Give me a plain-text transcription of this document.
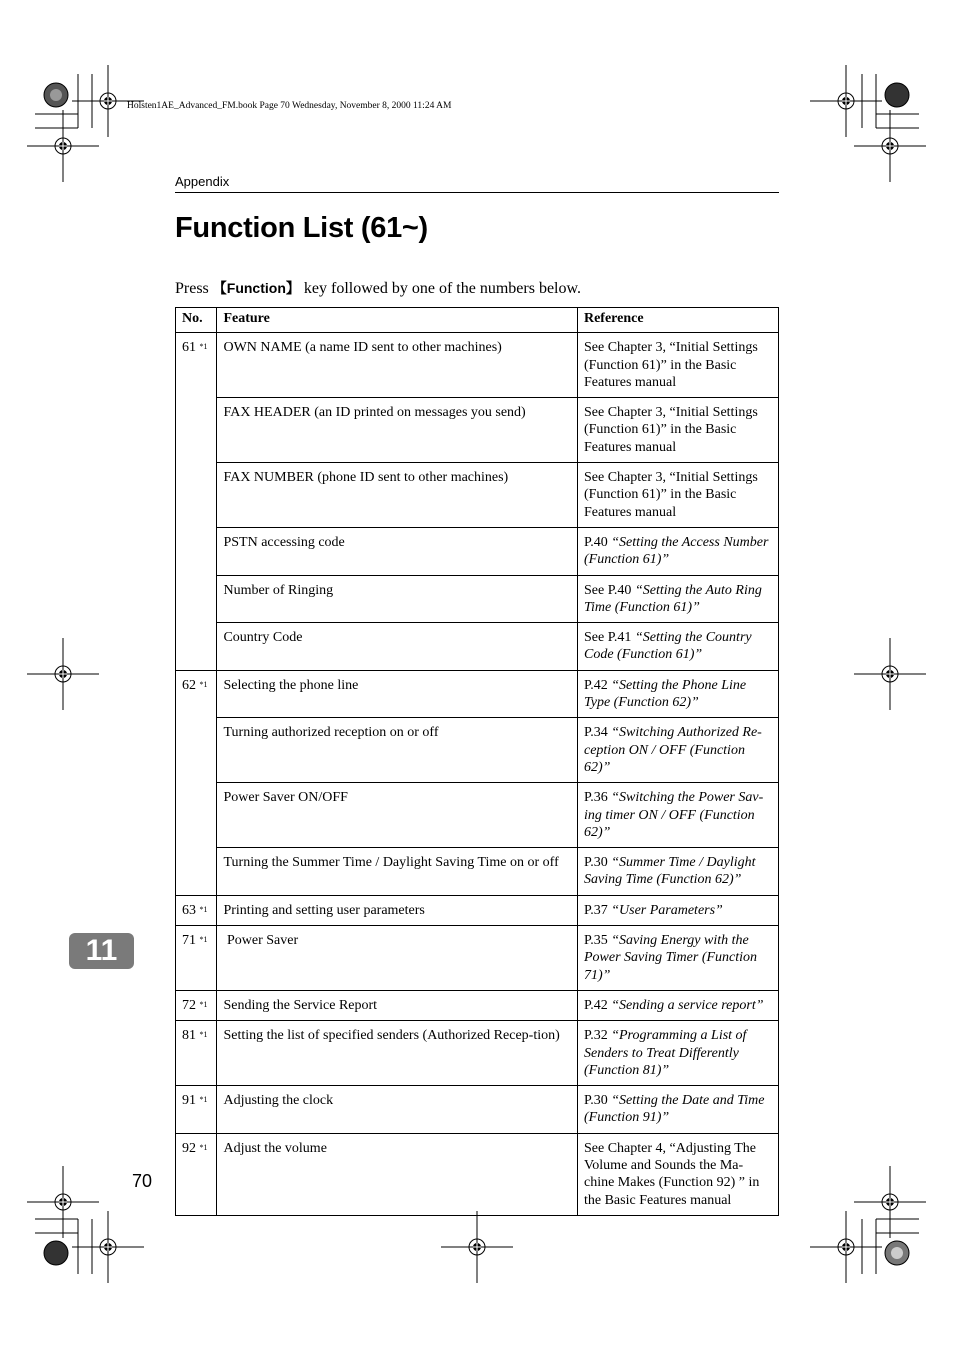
Holsten1AE_Advanced_FM.book Page 70 Wednesday, November 8, 2000 11:24 AM
Appendix
Function List (61~)
Press 【Function】 key followed by one of the numbers below.
No.	Feature	Reference
61 $^{*1}$	OWN NAME (a name ID sent to other machines)	See Chapter 3, “Initial Settings (Function 61)” in the Basic Features manual
	FAX HEADER (an ID printed on messages you send)	See Chapter 3, “Initial Settings (Function 61)” in the Basic Features manual
	FAX NUMBER (phone ID sent to other machines)	See Chapter 3, “Initial Settings (Function 61)” in the Basic Features manual
	PSTN accessing code	P.40 “Setting the Access Number (Function 61)”
	Number of Ringing	See P.40 “Setting the Auto Ring Time (Function 61)”
	Country Code	See P.41 “Setting the Country Code (Function 61)”
62 $^{*1}$	Selecting the phone line	P.42 “Setting the Phone Line Type (Function 62)”
	Turning authorized reception on or off	P.34 “Switching Authorized Re-ception ON / OFF (Function 62)”
	Power Saver ON/OFF	P.36 “Switching the Power Sav-ing timer ON / OFF (Function 62)”
	Turning the Summer Time / Daylight Saving Time on or off	P.30 “Summer Time / Daylight Saving Time (Function 62)”
63 $^{*1}$	Printing and setting user parameters	P.37 “User Parameters”
71 $^{*1}$	Power Saver	P.35 “Saving Energy with the Power Saving Timer (Function 71)”
72 $^{*1}$	Sending the Service Report	P.42 “Sending a service report”
81 $^{*1}$	Setting the list of specified senders (Authorized Recep-tion)	P.32 “Programming a List of Senders to Treat Differently (Function 81)”
91 $^{*1}$	Adjusting the clock	P.30 “Setting the Date and Time (Function 91)”
92 $^{*1}$	Adjust the volume	See Chapter 4, “Adjusting The Volume and Sounds the Ma-chine Makes (Function 92) ” in the Basic Features manual
11
70
